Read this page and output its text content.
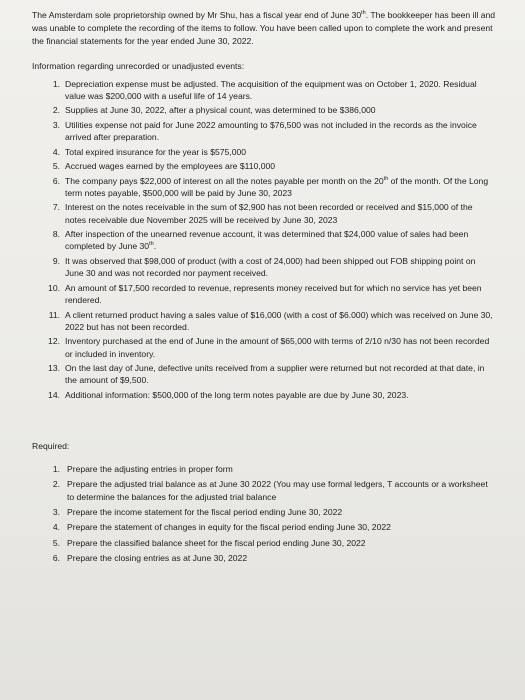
The Amsterdam sole proprietorship owned by Mr Shu, has a fiscal year end of June 30th. The bookkeeper has been ill and was unable to complete the recording of the items to follow. You have been called upon to complete the work and present the financial statements for the year ended June 30, 2022.

Information regarding unrecorded or unadjusted events:

1. Depreciation expense must be adjusted. The acquisition of the equipment was on October 1, 2020. Residual value was $200,000 with a useful life of 14 years.
2. Supplies at June 30, 2022, after a physical count, was determined to be $386,000
3. Utilities expense not paid for June 2022 amounting to $76,500 was not included in the records as the invoice arrived after preparation.
4. Total expired insurance for the year is $575,000
5. Accrued wages earned by the employees are $110,000
6. The company pays $22,000 of interest on all the notes payable per month on the 20th of the month. Of the Long term notes payable, $500,000 will be paid by June 30, 2023
7. Interest on the notes receivable in the sum of $2,900 has not been recorded or received and $15,000 of the notes receivable due November 2025 will be received by June 30, 2023
8. After inspection of the unearned revenue account, it was determined that $24,000 value of sales had been completed by June 30th.
9. It was observed that $98,000 of product (with a cost of 24,000) had been shipped out FOB shipping point on June 30 and was not recorded nor payment received.
10. An amount of $17,500 recorded to revenue, represents money received but for which no service has yet been rendered.
11. A client returned product having a sales value of $16,000 (with a cost of $6.000) which was received on June 30, 2022 but has not been recorded.
12. Inventory purchased at the end of June in the amount of $65,000 with terms of 2/10 n/30 has not been recorded or included in inventory.
13. On the last day of June, defective units received from a supplier were returned but not recorded at that date, in the amount of $9,500.
14. Additional information: $500,000 of the long term notes payable are due by June 30, 2023.

Required:

1. Prepare the adjusting entries in proper form
2. Prepare the adjusted trial balance as at June 30 2022 (You may use formal ledgers, T accounts or a worksheet to determine the balances for the adjusted trial balance
3. Prepare the income statement for the fiscal period ending June 30, 2022
4. Prepare the statement of changes in equity for the fiscal period ending June 30, 2022
5. Prepare the classified balance sheet for the fiscal period ending June 30, 2022
6. Prepare the closing entries as at June 30, 2022
